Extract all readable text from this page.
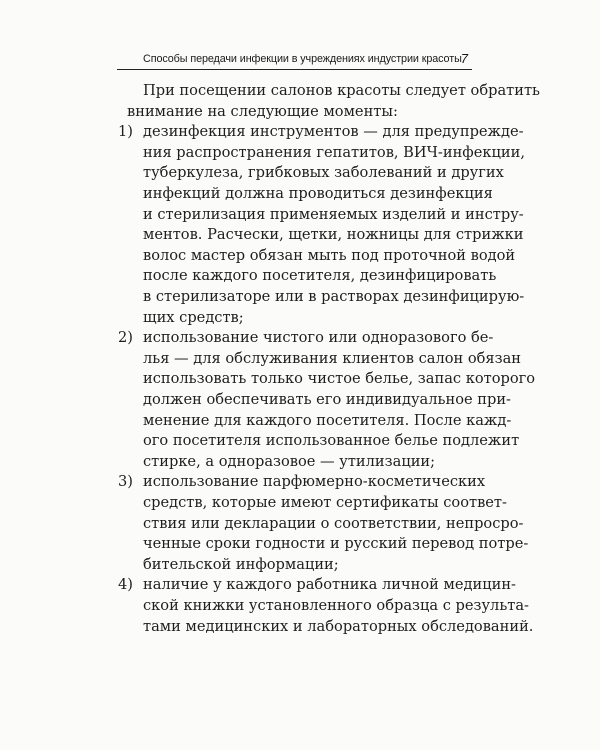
Способы передачи инфекции в учреждениях индустрии красоты 7
При посещении салонов красоты следует обратить
внимание на следующие моменты:
1) дезинфекция инструментов — для предупрежде-
ния распространения гепатитов, ВИЧ-инфекции,
туберкулеза, грибковых заболеваний и других
инфекций должна проводиться дезинфекция
и стерилизация применяемых изделий и инстру-
ментов. Расчески, щетки, ножницы для стрижки
волос мастер обязан мыть под проточной водой
после каждого посетителя, дезинфицировать
в стерилизаторе или в растворах дезинфицирую-
щих средств;
2) использование чистого или одноразового бе-
лья — для обслуживания клиентов салон обязан
использовать только чистое белье, запас которого
должен обеспечивать его индивидуальное при-
менение для каждого посетителя. После кажд-
ого посетителя использованное белье подлежит
стирке, а одноразовое — утилизации;
3) использование парфюмерно-косметических
средств, которые имеют сертификаты соответ-
ствия или декларации о соответствии, непросро-
ченные сроки годности и русский перевод потре-
бительской информации;
4) наличие у каждого работника личной медицин-
ской книжки установленного образца с результа-
тами медицинских и лабораторных обследований.
